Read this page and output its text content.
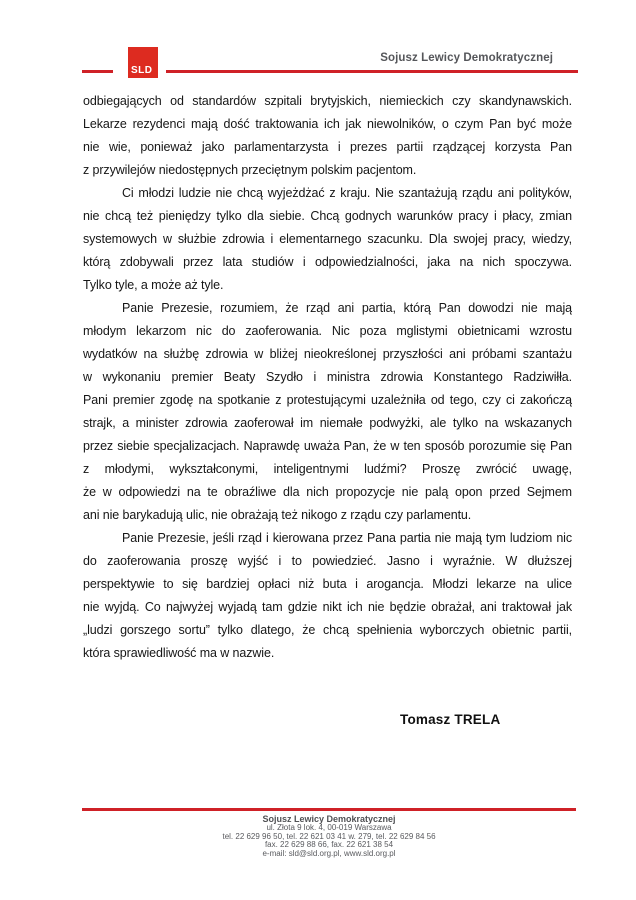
SLD
Sojusz Lewicy Demokratycznej
odbiegających od standardów szpitali brytyjskich, niemieckich czy skandynawskich.
Lekarze rezydenci mają dość traktowania ich jak niewolników, o czym Pan być może
nie wie, ponieważ jako parlamentarzysta i prezes partii rządzącej korzysta Pan
z przywilejów niedostępnych przeciętnym polskim pacjentom.
Ci młodzi ludzie nie chcą wyjeżdżać z kraju. Nie szantażują rządu ani polityków,
nie chcą też pieniędzy tylko dla siebie. Chcą godnych warunków pracy i płacy, zmian
systemowych w służbie zdrowia i elementarnego szacunku. Dla swojej pracy, wiedzy,
którą zdobywali przez lata studiów i odpowiedzialności, jaka na nich spoczywa.
Tylko tyle, a może aż tyle.
Panie Prezesie, rozumiem, że rząd ani partia, którą Pan dowodzi nie mają
młodym lekarzom nic do zaoferowania. Nic poza mglistymi obietnicami wzrostu
wydatków na służbę zdrowia w bliżej nieokreślonej przyszłości ani próbami szantażu
w wykonaniu premier Beaty Szydło i ministra zdrowia Konstantego Radziwiłła.
Pani premier zgodę na spotkanie z protestującymi uzależniła od tego, czy ci zakończą
strajk, a minister zdrowia zaoferował im niemałe podwyżki, ale tylko na wskazanych
przez siebie specjalizacjach. Naprawdę uważa Pan, że w ten sposób porozumie się Pan
z młodymi, wykształconymi, inteligentnymi ludźmi? Proszę zwrócić uwagę,
że w odpowiedzi na te obraźliwe dla nich propozycje nie palą opon przed Sejmem
ani nie barykadują ulic, nie obrażają też nikogo z rządu czy parlamentu.
Panie Prezesie, jeśli rząd i kierowana przez Pana partia nie mają tym ludziom nic
do zaoferowania proszę wyjść i to powiedzieć. Jasno i wyraźnie. W dłuższej
perspektywie to się bardziej opłaci niż buta i arogancja. Młodzi lekarze na ulice
nie wyjdą. Co najwyżej wyjadą tam gdzie nikt ich nie będzie obrażał, ani traktował jak
„ludzi gorszego sortu” tylko dlatego, że chcą spełnienia wyborczych obietnic partii,
która sprawiedliwość ma w nazwie.
Tomasz TRELA
Sojusz Lewicy Demokratycznej
ul. Złota 9 lok. 4, 00-019 Warszawa
tel. 22 629 96 50, tel. 22 621 03 41 w. 279, tel. 22 629 84 56
fax. 22 629 88 66, fax. 22 621 38 54
e-mail: sld@sld.org.pl, www.sld.org.pl
